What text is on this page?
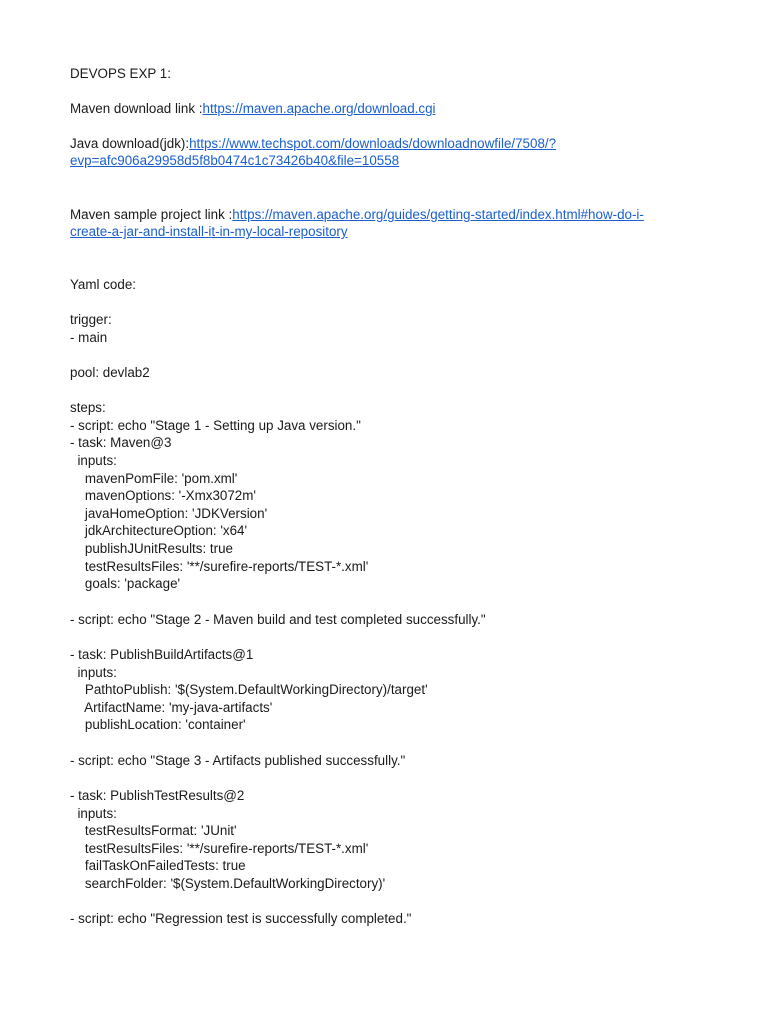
DEVOPS EXP 1:
Maven download link :https://maven.apache.org/download.cgi
Java download(jdk):https://www.techspot.com/downloads/downloadnowfile/7508/?
evp=afc906a29958d5f8b0474c1c73426b40&file=10558
Maven sample project link :https://maven.apache.org/guides/getting-started/index.html#how-do-i-
create-a-jar-and-install-it-in-my-local-repository
Yaml code:
trigger:
- main
pool: devlab2
steps:
- script: echo "Stage 1 - Setting up Java version."
- task: Maven@3
inputs:
mavenPomFile: 'pom.xml'
mavenOptions: '-Xmx3072m'
javaHomeOption: 'JDKVersion'
jdkArchitectureOption: 'x64'
publishJUnitResults: true
testResultsFiles: '**/surefire-reports/TEST-*.xml'
goals: 'package'
- script: echo "Stage 2 - Maven build and test completed successfully."
- task: PublishBuildArtifacts@1
inputs:
PathtoPublish: '$(System.DefaultWorkingDirectory)/target'
ArtifactName: 'my-java-artifacts'
publishLocation: 'container'
- script: echo "Stage 3 - Artifacts published successfully."
- task: PublishTestResults@2
inputs:
testResultsFormat: 'JUnit'
testResultsFiles: '**/surefire-reports/TEST-*.xml'
failTaskOnFailedTests: true
searchFolder: '$(System.DefaultWorkingDirectory)'
- script: echo "Regression test is successfully completed."
